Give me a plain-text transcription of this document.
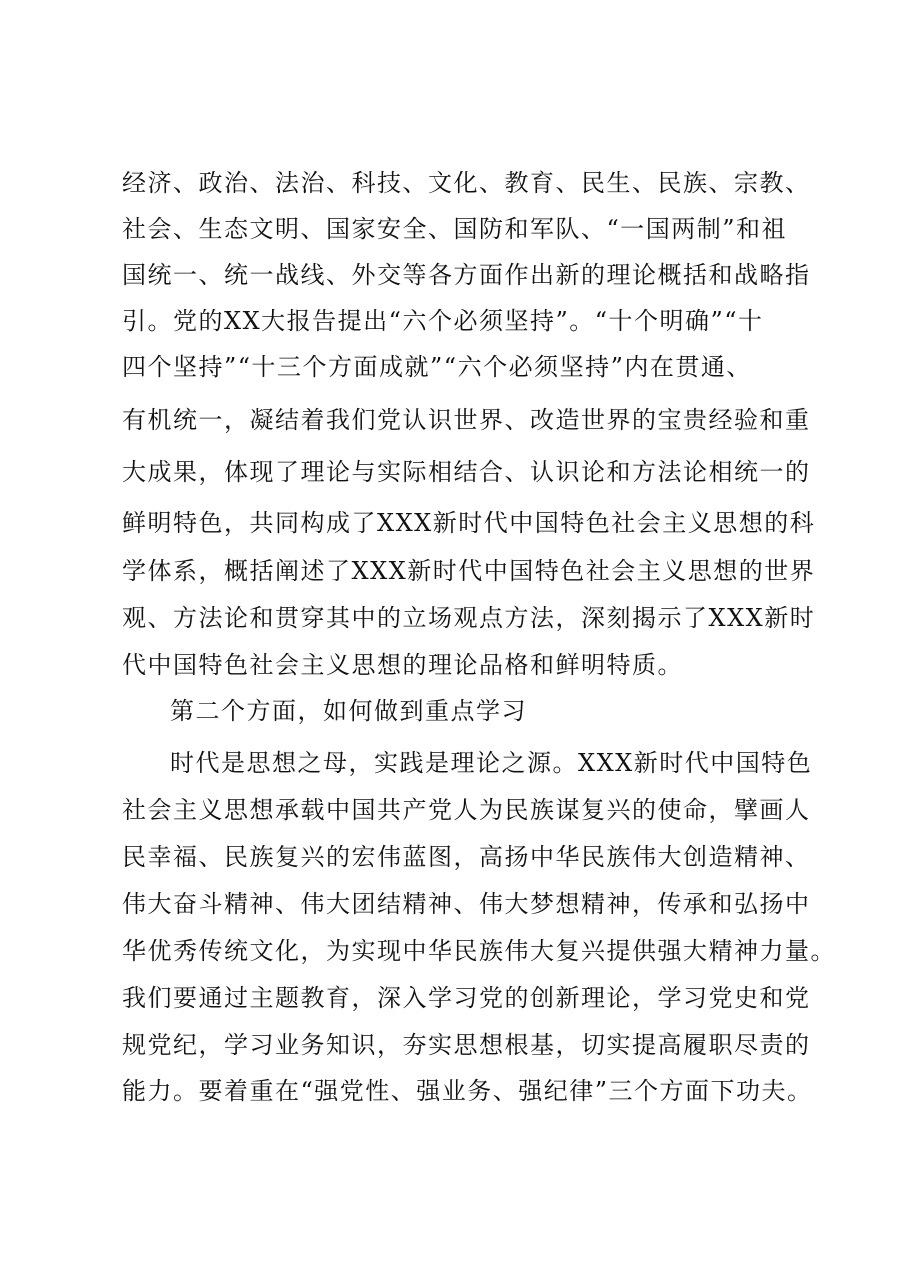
经济、政治、法治、科技、文化、教育、民生、民族、宗教、
社会、生态文明、国家安全、国防和军队、“一国两制”和祖
国统一、统一战线、外交等各方面作出新的理论概括和战略指
引。党的XX大报告提出“六个必须坚持”。“十个明确”“十
四个坚持”“十三个方面成就”“六个必须坚持”内在贯通、
有机统一，凝结着我们党认识世界、改造世界的宝贵经验和重
大成果，体现了理论与实际相结合、认识论和方法论相统一的
鲜明特色，共同构成了XXX新时代中国特色社会主义思想的科
学体系，概括阐述了XXX新时代中国特色社会主义思想的世界
观、方法论和贯穿其中的立场观点方法，深刻揭示了XXX新时
代中国特色社会主义思想的理论品格和鲜明特质。
第二个方面，如何做到重点学习
时代是思想之母，实践是理论之源。XXX新时代中国特色
社会主义思想承载中国共产党人为民族谋复兴的使命，擘画人
民幸福、民族复兴的宏伟蓝图，高扬中华民族伟大创造精神、
伟大奋斗精神、伟大团结精神、伟大梦想精神，传承和弘扬中
华优秀传统文化，为实现中华民族伟大复兴提供强大精神力量。
我们要通过主题教育，深入学习党的创新理论，学习党史和党
规党纪，学习业务知识，夯实思想根基，切实提高履职尽责的
能力。要着重在“强党性、强业务、强纪律”三个方面下功夫。
